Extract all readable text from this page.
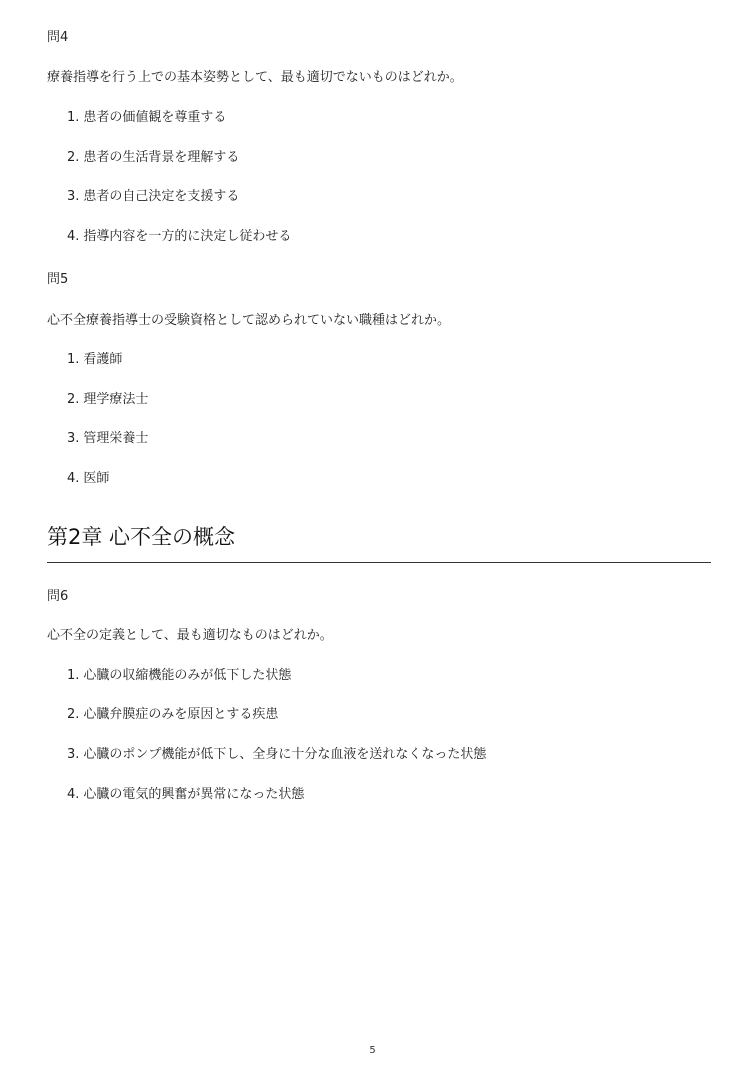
問4
療養指導を行う上での基本姿勢として、最も適切でないものはどれか。
1. 患者の価値観を尊重する
2. 患者の生活背景を理解する
3. 患者の自己決定を支援する
4. 指導内容を一方的に決定し従わせる
問5
心不全療養指導士の受験資格として認められていない職種はどれか。
1. 看護師
2. 理学療法士
3. 管理栄養士
4. 医師
第2章 心不全の概念
問6
心不全の定義として、最も適切なものはどれか。
1. 心臓の収縮機能のみが低下した状態
2. 心臓弁膜症のみを原因とする疾患
3. 心臓のポンプ機能が低下し、全身に十分な血液を送れなくなった状態
4. 心臓の電気的興奮が異常になった状態
5
